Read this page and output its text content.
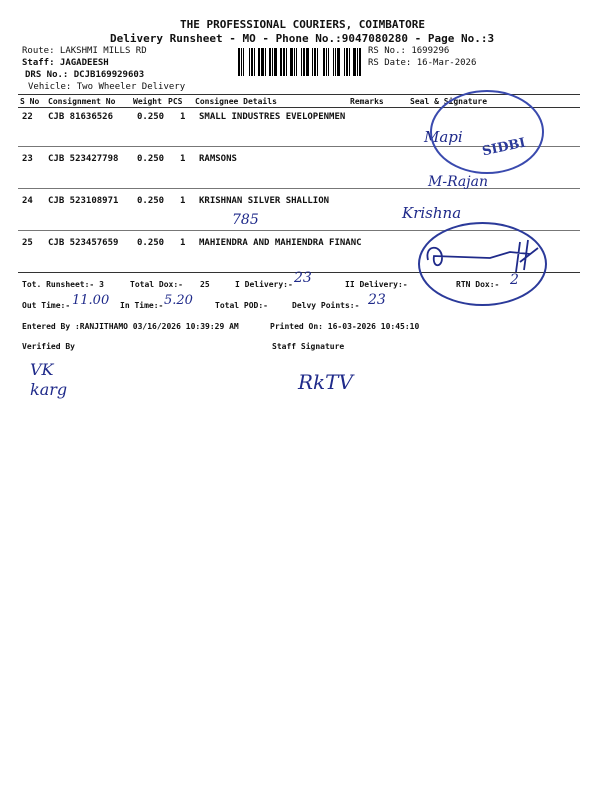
THE PROFESSIONAL COURIERS, COIMBATORE
Delivery Runsheet - MO - Phone No.:9047080280 - Page No.:3
Route: LAKSHMI MILLS RD
Staff: JAGADEESH
DRS No.: DCJB169929603
Vehicle: Two Wheeler Delivery
RS No.: 1699296
RS Date: 16-Mar-2026
S No Consignment No Weight PCS Consignee Details	Remarks	Seal & Signature
22 CJB 81636526	0.250 1 SMALL INDUSTRES EVELOPENMEN
23 CJB 523427798 0.250 1 RAMSONS
24 CJB 523108971 0.250 1 KRISHNAN SILVER SHALLION
25 CJB 523457659 0.250 1 MAHIENDRA AND MAHIENDRA FINANC
Mapi SIDBI
M-Rajan
Krishna
785
Tot. Runsheet:- 3	Total Dox:- 25	I Delivery:- 23	II Delivery:-	RTN Dox:- 2
Out Time:- 11.00 In Time:- 5.20	Total POD:-	Delvy Points:- 23
Entered By :RANJITHAMO 03/16/2026 10:39:29 AM	Printed On: 16-03-2026 10:45:10
Verified By	Staff Signature
VK
karg	RkTV
